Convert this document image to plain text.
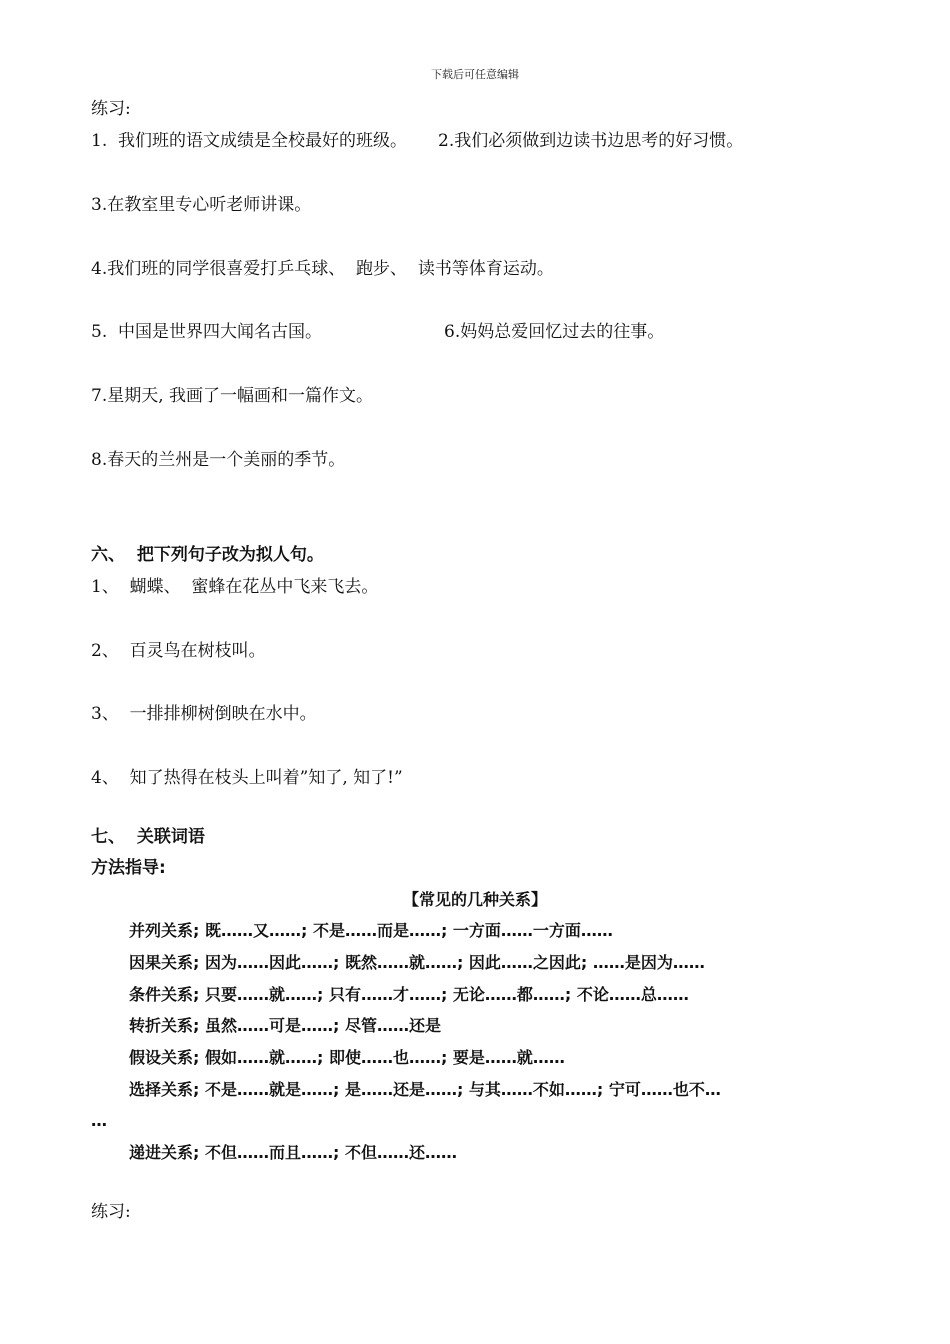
下载后可任意编辑
练习:
1.  我们班的语文成绩是全校最好的班级。 2.我们必须做到边读书边思考的好习惯。
3.在教室里专心听老师讲课。
4.我们班的同学很喜爱打乒乓球、  跑步、  读书等体育运动。
5.  中国是世界四大闻名古国。	6.妈妈总爱回忆过去的往事。
7.星期天, 我画了一幅画和一篇作文。
8.春天的兰州是一个美丽的季节。
六、  把下列句子改为拟人句。
1、  蝴蝶、  蜜蜂在花丛中飞来飞去。
2、  百灵鸟在树枝叫。
3、  一排排柳树倒映在水中。
4、  知了热得在枝头上叫着”知了, 知了!”
七、  关联词语
方法指导:
【常见的几种关系】
并列关系; 既……又……; 不是……而是……; 一方面……一方面……
因果关系; 因为……因此……; 既然……就……; 因此……之因此; ……是因为……
条件关系; 只要……就……; 只有……才……; 无论……都……; 不论……总……
转折关系; 虽然……可是……; 尽管……还是
假设关系; 假如……就……; 即使……也……; 要是……就……
选择关系; 不是……就是……; 是……还是……; 与其……不如……; 宁可……也不…
…
递进关系; 不但……而且……; 不但……还……
练习:
